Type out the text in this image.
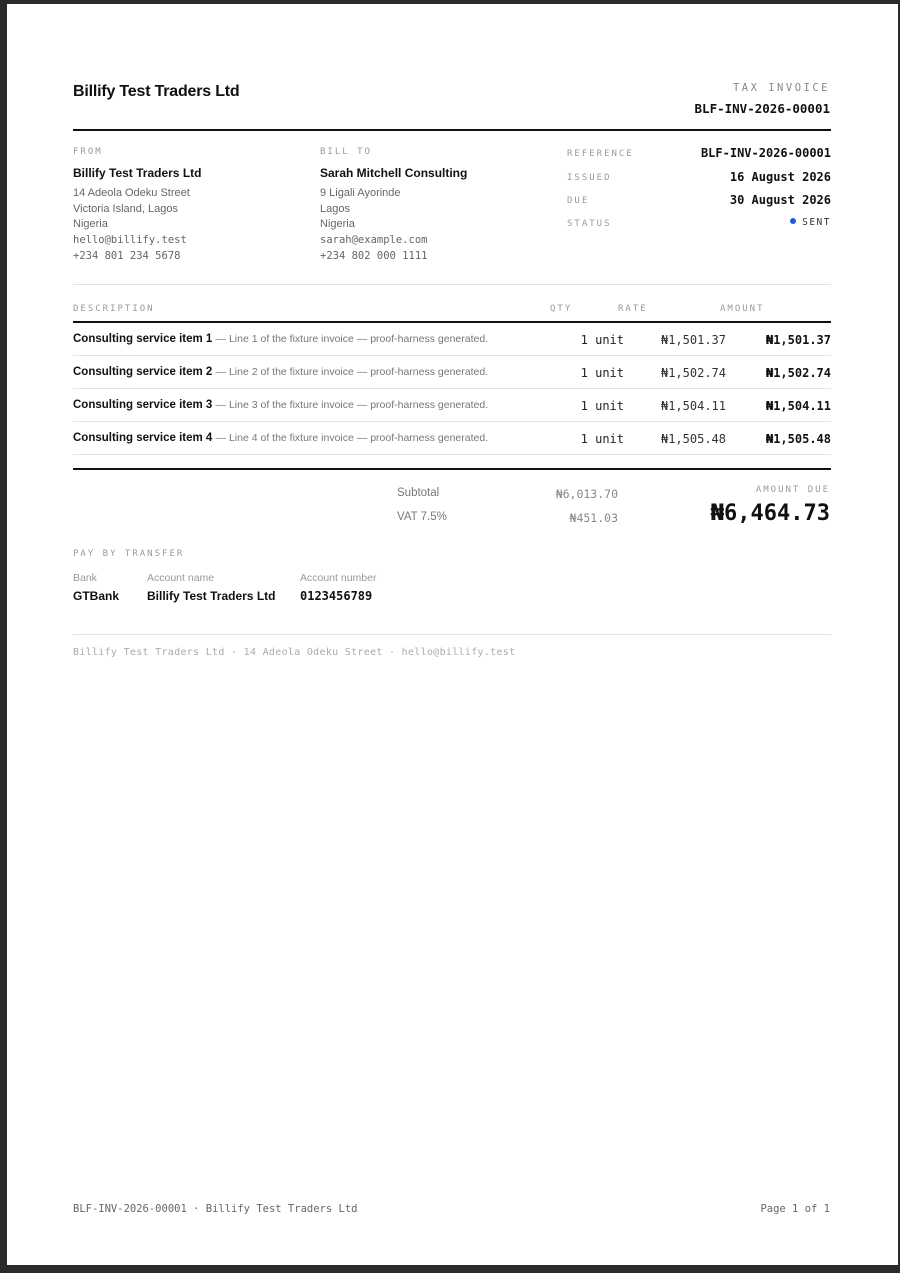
Billify Test Traders Ltd	TAX INVOICE
BLF-INV-2026-00001
FROM
Billify Test Traders Ltd
14 Adeola Odeku Street
Victoria Island, Lagos
Nigeria
hello@billify.test
+234 801 234 5678
BILL TO
Sarah Mitchell Consulting
9 Ligali Ayorinde
Lagos
Nigeria
sarah@example.com
+234 802 000 1111
REFERENCE	BLF-INV-2026-00001
ISSUED	16 August 2026
DUE	30 August 2026
STATUS	SENT
DESCRIPTION	QTY	RATE	AMOUNT
Consulting service item 1 — Line 1 of the fixture invoice — proof-harness generated.	1 unit	₦1,501.37	₦1,501.37
Consulting service item 2 — Line 2 of the fixture invoice — proof-harness generated.	1 unit	₦1,502.74	₦1,502.74
Consulting service item 3 — Line 3 of the fixture invoice — proof-harness generated.	1 unit	₦1,504.11	₦1,504.11
Consulting service item 4 — Line 4 of the fixture invoice — proof-harness generated.	1 unit	₦1,505.48	₦1,505.48
Subtotal	₦6,013.70
VAT 7.5%	₦451.03
AMOUNT DUE
₦6,464.73
PAY BY TRANSFER
Bank
GTBank
Account name
Billify Test Traders Ltd
Account number
0123456789
Billify Test Traders Ltd · 14 Adeola Odeku Street · hello@billify.test
BLF-INV-2026-00001 · Billify Test Traders Ltd	Page 1 of 1
